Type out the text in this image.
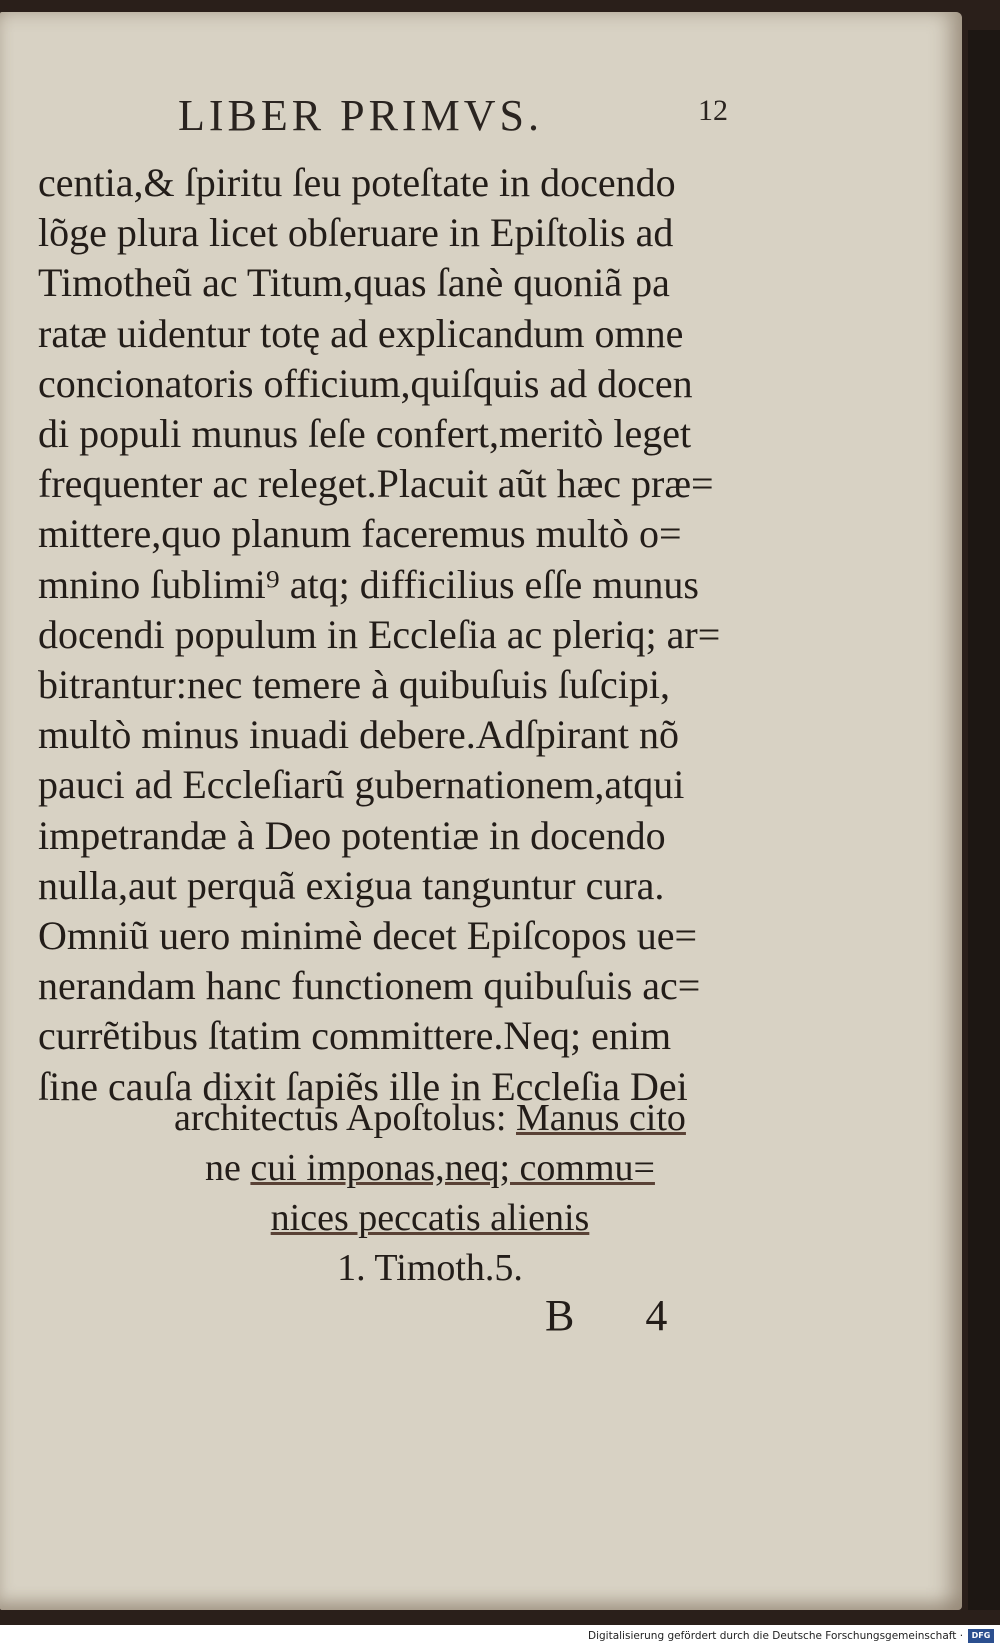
LIBER PRIMVS.	12
centia,& ſpiritu ſeu poteſtate in docendo
lõge plura licet obſeruare in Epiſtolis ad
Timotheũ ac Titum,quas ſanè quoniã pa
ratæ uidentur totę ad explicandum omne
concionatoris officium,quiſquis ad docen
di populi munus ſeſe confert,meritò leget
frequenter ac releget.Placuit aũt hæc præ=
mittere,quo planum faceremus multò o=
mnino ſublimi⁹ atq; difficilius eſſe munus
docendi populum in Eccleſia ac pleriq; ar=
bitrantur:nec temere à quibuſuis ſuſcipi,
multò minus inuadi debere.Adſpirant nõ
pauci ad Eccleſiarũ gubernationem,atqui
impetrandæ à Deo potentiæ in docendo
nulla,aut perquã exigua tanguntur cura.
Omniũ uero minimè decet Epiſcopos ue=
nerandam hanc functionem quibuſuis ac=
currẽtibus ſtatim committere.Neq; enim
ſine cauſa dixit ſapiẽs ille in Eccleſia Dei
architectus Apoſtolus: Manus cito
ne cui imponas,neq; commu=
nices peccatis alienis
1. Timoth.5.
B 4
Digitalisierung gefördert durch die Deutsche Forschungsgemeinschaft ·	DFG
